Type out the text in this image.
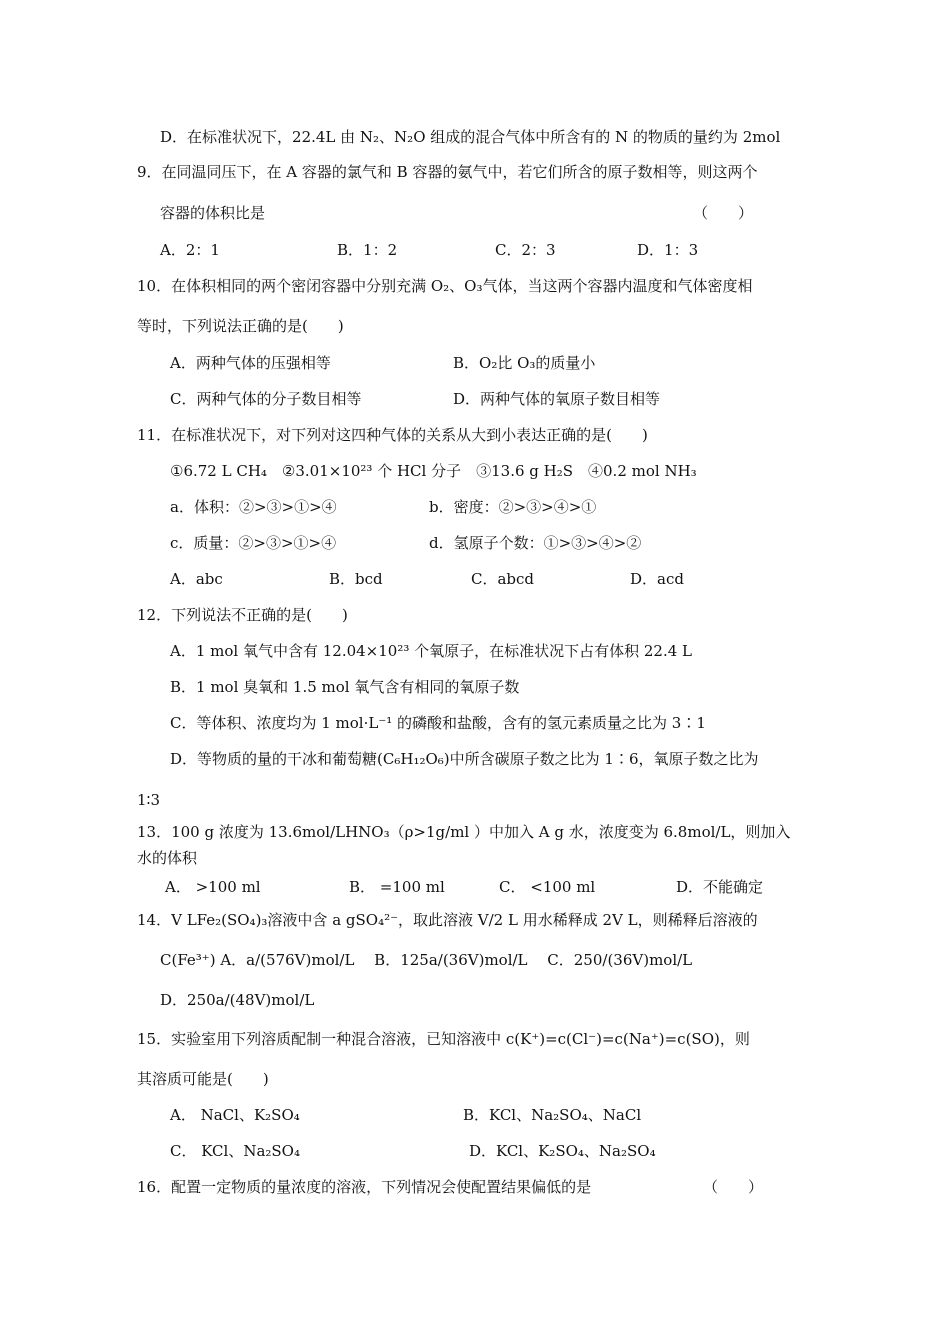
D．在标准状况下，22.4L 由 N₂、N₂O 组成的混合气体中所含有的 N 的物质的量约为 2mol
9．在同温同压下，在 A 容器的氯气和 B 容器的氨气中，若它们所含的原子数相等，则这两个
容器的体积比是	（　　）
A．2：1	B．1：2	C．2：3	D．1：3
10．在体积相同的两个密闭容器中分别充满 O₂、O₃气体，当这两个容器内温度和气体密度相
等时，下列说法正确的是(　　)
A．两种气体的压强相等	B．O₂比 O₃的质量小
C．两种气体的分子数目相等	D．两种气体的氧原子数目相等
11．在标准状况下，对下列对这四种气体的关系从大到小表达正确的是(　　)
①6.72 L CH₄　②3.01×10²³ 个 HCl 分子　③13.6 g H₂S　④0.2 mol NH₃
a．体积：②>③>①>④	b．密度：②>③>④>①
c．质量：②>③>①>④	d．氢原子个数：①>③>④>②
A．abc	B．bcd	C．abcd	D．acd
12．下列说法不正确的是(　　)
A．1 mol 氧气中含有 12.04×10²³ 个氧原子，在标准状况下占有体积 22.4 L
B．1 mol 臭氧和 1.5 mol 氧气含有相同的氧原子数
C．等体积、浓度均为 1 mol·L⁻¹ 的磷酸和盐酸，含有的氢元素质量之比为 3∶1
D．等物质的量的干冰和葡萄糖(C₆H₁₂O₆)中所含碳原子数之比为 1∶6，氧原子数之比为
1∶3
13．100 g 浓度为 13.6mol/LHNO₃（ρ>1g/ml ）中加入 A g 水，浓度变为 6.8mol/L，则加入
水的体积
A． >100 ml	B． =100 ml	C． <100 ml	D．不能确定
14．V LFe₂(SO₄)₃溶液中含 a gSO₄²⁻，取此溶液 V/2 L 用水稀释成 2V L，则稀释后溶液的
C(Fe³⁺) A．a/(576V)mol/L　 B．125a/(36V)mol/L　 C．250/(36V)mol/L
D．250a/(48V)mol/L
15．实验室用下列溶质配制一种混合溶液，已知溶液中 c(K⁺)=c(Cl⁻)=c(Na⁺)=c(SO)，则
其溶质可能是(　　)
A． NaCl、K₂SO₄	B．KCl、Na₂SO₄、NaCl
C． KCl、Na₂SO₄	D．KCl、K₂SO₄、Na₂SO₄
16．配置一定物质的量浓度的溶液，下列情况会使配置结果偏低的是	（　　）
